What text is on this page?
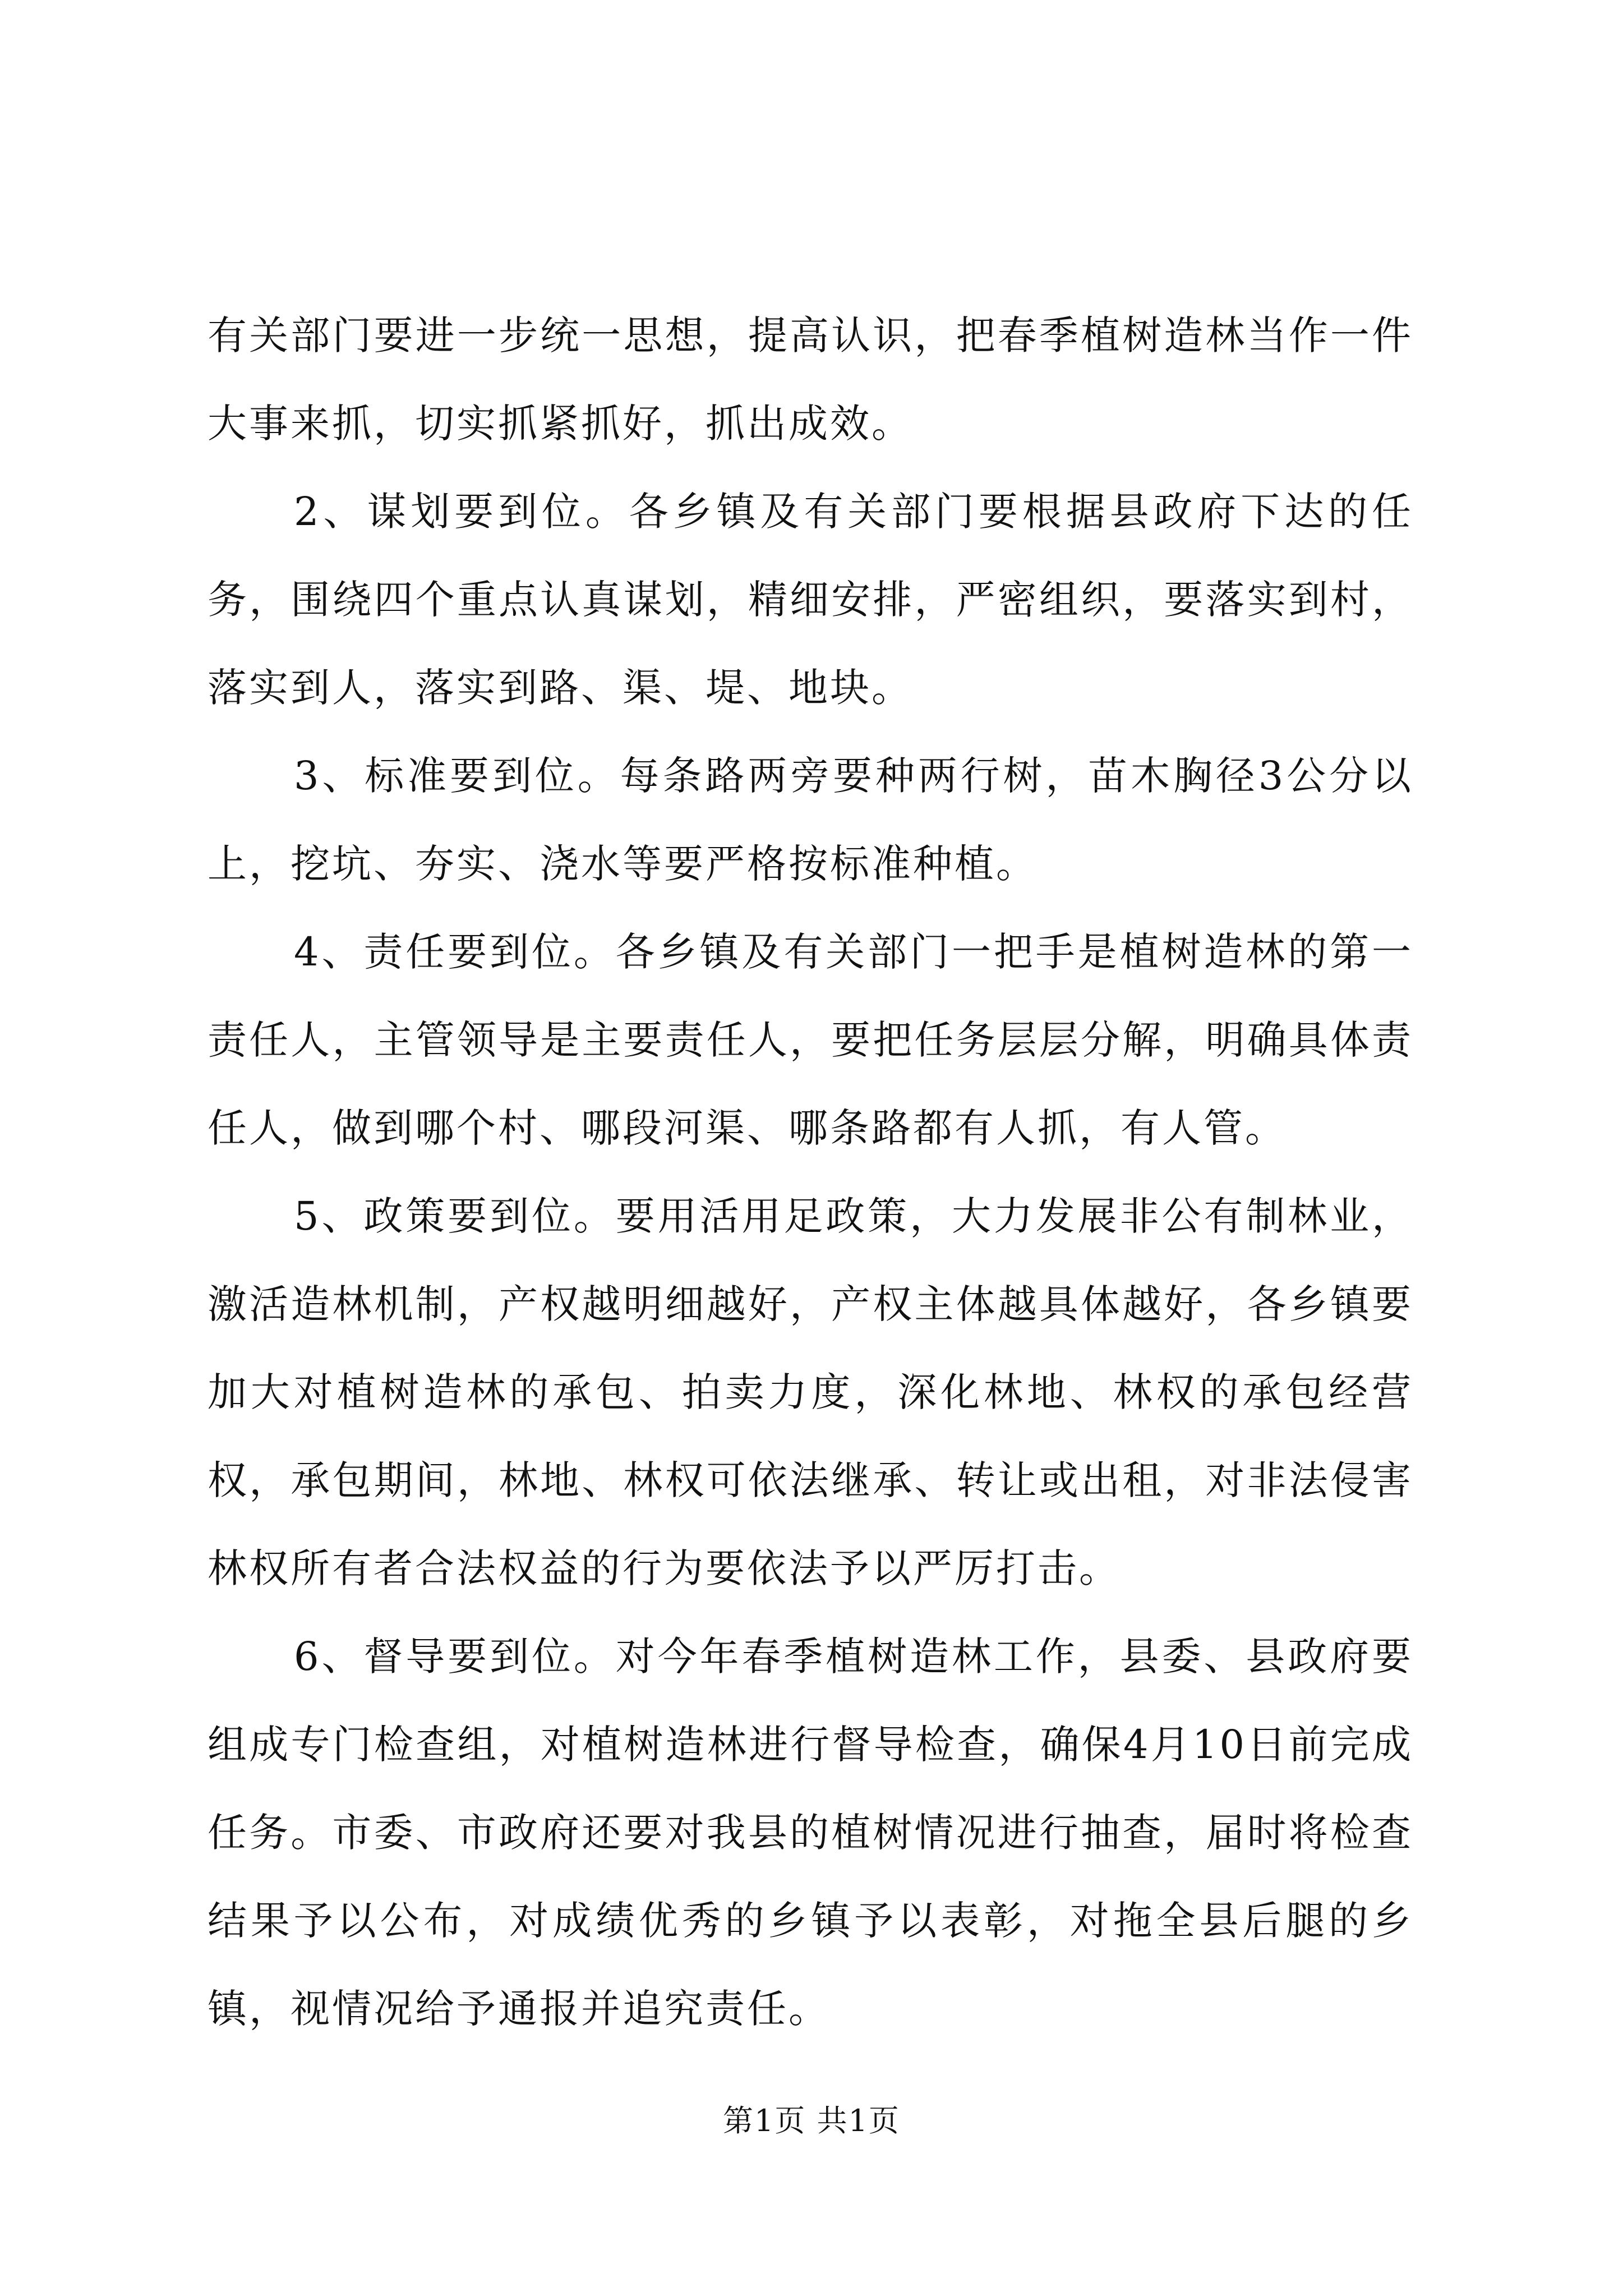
有关部门要进一步统一思想，提高认识，把春季植树造林当作一件大事来抓，切实抓紧抓好，抓出成效。

2、谋划要到位。各乡镇及有关部门要根据县政府下达的任务，围绕四个重点认真谋划，精细安排，严密组织，要落实到村，落实到人，落实到路、渠、堤、地块。

3、标准要到位。每条路两旁要种两行树，苗木胸径3公分以上，挖坑、夯实、浇水等要严格按标准种植。

4、责任要到位。各乡镇及有关部门一把手是植树造林的第一责任人，主管领导是主要责任人，要把任务层层分解，明确具体责任人，做到哪个村、哪段河渠、哪条路都有人抓，有人管。

5、政策要到位。要用活用足政策，大力发展非公有制林业，激活造林机制，产权越明细越好，产权主体越具体越好，各乡镇要加大对植树造林的承包、拍卖力度，深化林地、林权的承包经营权，承包期间，林地、林权可依法继承、转让或出租，对非法侵害林权所有者合法权益的行为要依法予以严厉打击。

6、督导要到位。对今年春季植树造林工作，县委、县政府要组成专门检查组，对植树造林进行督导检查，确保4月10日前完成任务。市委、市政府还要对我县的植树情况进行抽查，届时将检查结果予以公布，对成绩优秀的乡镇予以表彰，对拖全县后腿的乡镇，视情况给予通报并追究责任。

第1页 共1页
